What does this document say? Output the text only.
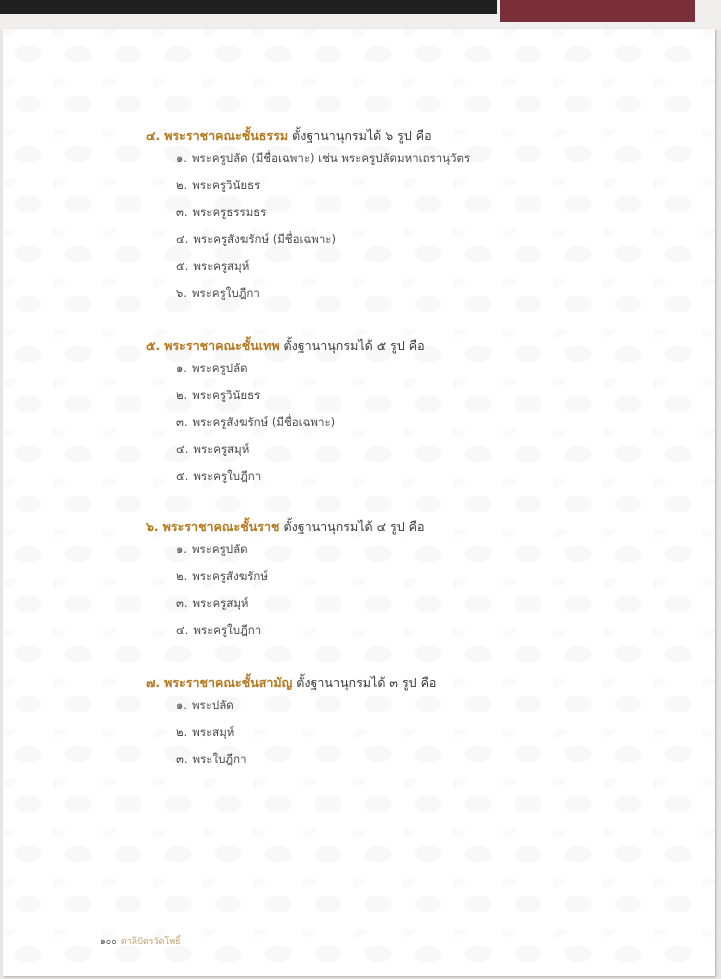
๔. พระราชาคณะชั้นธรรม ตั้งฐานานุกรมได้ ๖ รูป คือ
๑. พระครูปลัด (มีชื่อเฉพาะ) เช่น พระครูปลัดมหาเถรานุวัตร
๒. พระครูวินัยธร
๓. พระครูธรรมธร
๔. พระครูสังฆรักษ์ (มีชื่อเฉพาะ)
๕. พระครูสมุห์
๖. พระครูใบฎีกา
๕. พระราชาคณะชั้นเทพ ตั้งฐานานุกรมได้ ๕ รูป คือ
๑. พระครูปลัด
๒. พระครูวินัยธร
๓. พระครูสังฆรักษ์ (มีชื่อเฉพาะ)
๔. พระครูสมุห์
๕. พระครูใบฎีกา
๖. พระราชาคณะชั้นราช ตั้งฐานานุกรมได้ ๔ รูป คือ
๑. พระครูปลัด
๒. พระครูสังฆรักษ์
๓. พระครูสมุห์
๔. พระครูใบฎีกา
๗. พระราชาคณะชั้นสามัญ ตั้งฐานานุกรมได้ ๓ รูป คือ
๑. พระปลัด
๒. พระสมุห์
๓. พระใบฎีกา
๑๐๐ ตาลิปัตรวัดโพธิ์
